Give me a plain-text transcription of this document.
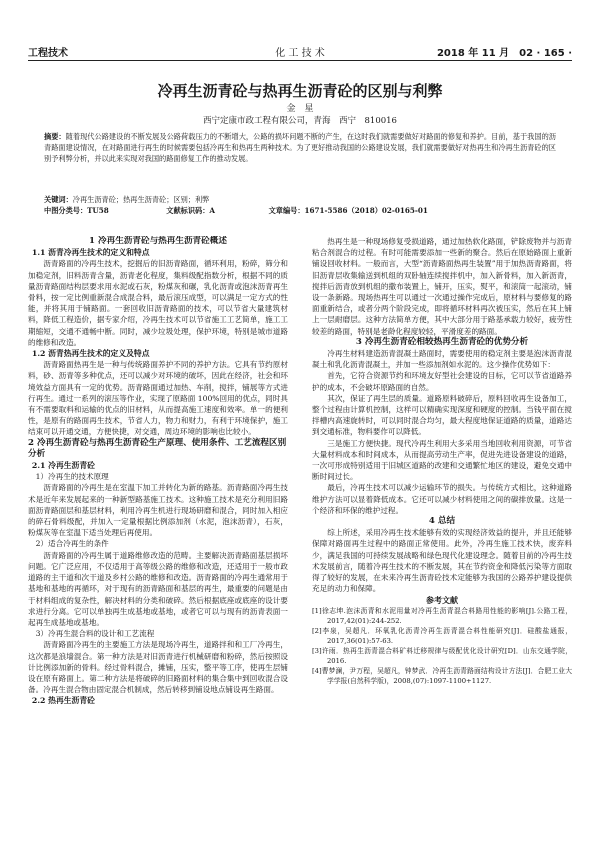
工程技术	化 工 技 术	2018 年 11 月　02 · 165 ·
冷再生沥青砼与热再生沥青砼的区别与利弊
金　星
西宁定康市政工程有限公司，青海　西宁　810016
摘要：随着现代公路建设的不断发展及公路荷载压力的不断增大，公路的损坏问题不断的产生，在这时我们就需要做好对路面的修复和养护。目前，基于我国的沥青路面建设情况，在对路面进行再生的时候需要包括冷再生和热再生两种技术。为了更好推动我国的公路建设发展，我们就需要做好对热再生和冷再生沥青砼的区别予利弊分析，并以此来实现对我国的路面修复工作的推动发展。
关键词：冷再生沥青砼；热再生沥青砼；区别；利弊
中图分类号：TU58	文献标识码：A	文章编号：1671-5586（2018）02-0165-01

1 冷再生沥青砼与热再生沥青砼概述

1.1 沥青冷再生技术的定义和特点

沥青路面的冷再生技术，挖掘后的旧沥青路面，循环利用，粉碎，筛分和加稳定剂，旧料沥青含量，沥青老化程度，集料级配指数分析，根据不同的质量沥青路面结构层要求用水泥或石灰，粉煤灰和碾，乳化沥青或泡沫沥青再生骨料，按一定比例重新混合成混合料，最后滚压成型，可以满足一定方式的性能，并将其用于铺路面。一套回收旧沥青路面的技术，可以节省大量建筑材料，降低工程造价，据专家介绍，冷再生技术可以节省施工工艺简单，施工工期缩短，交通不通畅中断。同时，减少垃圾处理，保护环境，特别是城市道路的维修和改造。

1.2 沥青热再生技术的定义及特点

沥青路面热再生是一种与传统路面养护不同的养护方法。它具有节约原材料，砂、沥青等多种优点，还可以减少对环境的破坏，因此在经济，社会和环境效益方面具有一定的优势。沥青路面通过加热、车削，搅拌，铺展等方式进行再生。通过一系列的滚压等作业，实现了原路面 100%回用的优点，同时具有不需要取料和运输的优点的旧材料，从而提高施工速度和效率。单一的便利性，是原有的路面再生技术，节省人力，物力和财力，有利于环境保护，施工结束可以开通交通，方便快捷，对交通，周边环境的影响也比较小。

2 冷再生沥青砼与热再生沥青砼生产原理、使用条件、工艺流程区别分析

2.1 冷再生沥青砼

1）冷再生的技术原理

沥青路面的冷再生是在室温下加工并转化为新的路基。沥青路面冷再生技术是近年来发展起来的一种新型路基施工技术。这种施工技术是充分利用旧路面沥青路面层和基层材料，利用冷再生机进行现场研磨和混合，同时加入相应的碎石骨料级配，并加入一定量根据比例添加剂（水泥，泡沫沥青），石灰，粉煤灰等在室温下适当处理后再使用。

2）适合冷再生的条件

沥青路面的冷再生属于道路维修改造的范畴。主要解决沥青路面基层损坏问题。它广泛应用，不仅适用于高等级公路的维修和改造，还适用于一般市政道路的主干道和次干道及乡村公路的维修和改造。沥青路面的冷再生通常用于基地和基地的再循环，对于现有的沥青路面和基层的再生，最重要的问题是由于材料组成的复杂性，解决材料的分类和破碎。然后根据底座或底座的设计要求进行分离。它可以单独再生成基地或基地，或者它可以与现有的沥青表面一起再生成基地或基地。

3）冷再生混合料的设计和工艺流程

沥青路面冷再生的主要施工方法是现场冷再生，道路拌和和工厂冷再生，这次都是浪墙混合。第一种方法是对旧沥青进行机械研磨和粉碎，然后按照设计比例添加新的骨料。经过骨料混合，摊铺，压实，整平等工序，使再生层铺设在原有路面上。第二种方法是将破碎的旧路面材料的集合集中到回收混合设备。冷再生混合物由固定混合机制成，然后转移到铺设地点铺设再生路面。

2.2 热再生沥青砼

热再生是一种现场修复受损道路，通过加热软化路面，铲除废物并与沥青粘合剂混合的过程。有时可能需要添加一些新的聚合。然后在原始路面上重新铺设回收材料。一般而言，大型“沥青路面热再生装置”用于加热沥青路面，将旧沥青层收集输送到机组的双卧轴连续搅拌机中，加入新骨料，加入新沥青，搅拌后沥青放到机组的撒布装置上，铺开，压实，熨平，和滚筒一起滚动，铺设一条新路。现场热再生可以通过一次通过操作完成后，原材料与要修复的路面重新结合，或者分两个阶段完成，即将循环材料再次被压实，然后在其上铺上一层耐磨层。这种方法简单方便，其中大部分用于路基承载力较好，疲劳性较差的路面，特别是老龄化程度较轻，平滑度差的路面。

3 冷再生沥青砼相较热再生沥青砼的优势分析

冷再生材料建造沥青混凝土路面时，需要使用的稳定剂主要是泡沫沥青混凝土和乳化沥青混凝土，并加一些添加剂如水泥的。这少操作优势如下：

首先，它符合资源节约和环境友好型社会建设的目标，它可以节省道路养护的成本，不会破坏原路面的自然。

其次，保证了再生层的质量。道路原料破碎后，原料回收再生设备加工，整个过程由计算机控制，这样可以精确实现深度和硬度的控制。当钱平面在搅拌槽内高速旋转时，可以同时混合均匀，最大程度地保证道路的质量，道路达到交通标准，物料要作可以降低。

三是施工方便快捷。现代冷再生利用大多采用当地回收利用资源，可节省大量材料成本和时间成本，从而提高劳动生产率，促进先进设备建设的道路，一次可形成特别适用于旧城区道路的改建和交通繁忙地区的建设，避免交通中断时间过长。

最后，冷再生技术可以减少运输环节的损失。与传统方式相比，这种道路维护方法可以显着降低成本。它还可以减少材料使用之间的碳排放量。这是一个经济和环保的维护过程。

4 总结

综上所述，采用冷再生技术能够有效的实现经济效益的提升，并且还能够保障对路面再生过程中的路面正常使用。此外，冷再生施工技术快，废弃料少，满足我国的可持续发展战略和绿色现代化建设理念。随着目前的冷再生技术发展前言，随着冷再生技术的不断发展，其在节约资金和降低污染等方面取得了较好的发展，在未来冷再生沥青砼技术定能够为我国的公路养护建设提供充足的动力和保障。

参考文献

[1]徐志坤.泡沫沥青和水泥用量对冷再生沥青混合料路用性能的影响[J].公路工程，2017,42(01):244-252.

[2]李泉，吴超凡．环氧乳化沥青冷再生沥青混合料性能研究[J]．硅酸盐通报，2017,36(01):57-63.

[3]许雨．热再生沥青混合料矿料迁移规律与级配优化设计研究[D]．山东交通学院，2016.

[4]曹梦澜，尹万程，吴超凡，钟梦武．冷再生沥青路面结构设计方法[J]．合肥工业大学学报(自然科学版)，2008,(07):1097-1100+1127.
